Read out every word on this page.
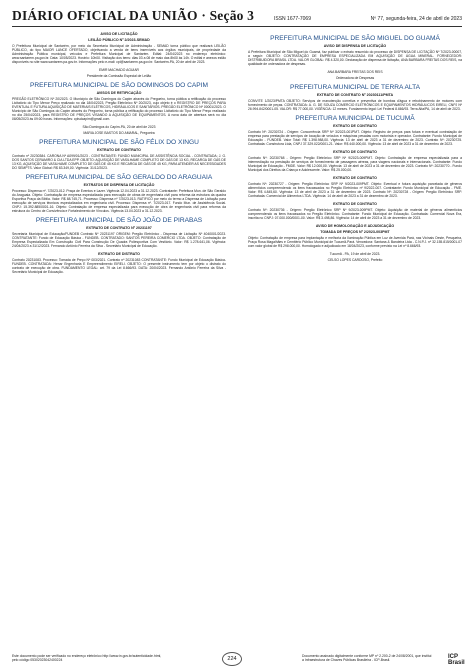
DIÁRIO OFICIAL DA UNIÃO · Seção 3	ISSN 1677-7069	Nº 77, segunda-feira, 24 de abril de 2023
AVISO DE LICITAÇÃO
LEILÃO PÚBLICO Nº 2/2023-SEMAD
O Prefeitura Municipal de Santarém, por meio da Secretaria Municipal de Administração - SEMAD torna público que realizará LEILÃO PÚBLICO, do tipo MAIOR LANCE OFERTADO, objetivando a venda de bens inservíveis aos órgãos municipais, de propriedade da Administração Pública municipal, veículos e Prefeitura Municipal de Santarém. Edital: 24/04/2023 no endereço eletrônico: www.santarem.pa.gov.br. Data: 10/05/2023. Horário: 10h00. Visitação dos bens: dias 03 a 08 de maio das 8h00 às 14h. O edital e anexos estão disponíveis no site www.santarem.pa.gov.br. Informações pelo e-mail: cpl@santarem.pa.gov.br. Santarém-PA, 20 de abril de 2023.
EMIR MACHADO AGUIAR
Presidente da Comissão Especial de Leilão
PREFEITURA MUNICIPAL DE SÃO DOMINGOS DO CAPIM
AVISOS DE RETIFICAÇÃO
PREGÃO ELETRÔNICO Nº 20/2023. O Município de São Domingos do Capim através do Pregoeiro, torna pública a retificação do processo Licitatório do Tipo Menor Preço realizado no dia 18/04/2023, Pregão Eletrônico Nº 20/2023, cujo objeto é o REGISTRO DE PREÇOS PARA EVENTUAL E FUTURA AQUISIÇÃO DE MATERIAIS ELÉTRICOS, HIDRÁULICOS E SANITÁRIOS. PREGÃO ELETRÔNICO Nº 00001/2023. O Município de São Domingos do Capim através do Pregoeiro, torna pública a retificação do processo Licitatório do Tipo Menor Preço realizado no dia 25/04/2023, para REGISTRO DE PREÇOS VISANDO A AQUISIÇÃO DE EQUIPAMENTOS. A nova data de abertura será no dia 08/05/2023 às 09:00 horas. Informações: cplsdcapim@gmail.com.
São Domingos do Capim-PA, 20 de abril de 2023
MARIA JOSE BASTOS DO AMARAL, Pregoeira
PREFEITURA MUNICIPAL DE SÃO FÉLIX DO XINGU
EXTRATO DE CONTRATO
Contrato nº 20230384. CARONA Nº A099/01/2023 - CONTRATANTE: FUNDO MUNICIPAL DE ASSISTÊNCIA SOCIAL - CONTRATADA: J. G. DOS SANTOS CERAMIRO & CIA LTDA EPP. OBJETO: AQUISIÇÃO DE VASILHAME COMPLETO DE GÁS DE 13 KG, RECARGA DE GÁS DE 13 KG, AQUISIÇÃO DE VASILHAME COMPLETO DE GÁS DE 45 KG E RECARGA DE GÁS DE 45 KG, PARA ATENDER AS NECESSIDADES DO SEMPTS. Valor Global: R$ 83.349,00. Vigência: 31/12/2023.
PREFEITURA MUNICIPAL DE SÃO GERALDO DO ARAGUAIA
EXTRATOS DE DISPENSA DE LICITAÇÃO
Processo: Dispensa nº. 7/2023-012. Praça de Eventos e Lazer. Vigência 12.04.2023 a 31.12.2023. Contratante: Prefeitura Mun. de São Geraldo do Araguaia. Objeto: Contratação de empresa especializada para execução de obras de engenharia civil para reforma da estrutura da quadra Esportiva Praça da Bíblia. Valor: R$ 88.745,71. Processo: Dispensa nº 7/2023-013. RATIFICO por meio do termo a Dispensa de Licitação para execução de serviços técnicos especializados em engenharia civil. Processo: Dispensa nº. 7/2023-017. Fundo Mun. de Assistência Social. CNPJ: 15.392.885/0001-16. Objeto: Contratação de empresa especializada para execução de obra de engenharia civil para reforma da estrutura do Centro de Convivência e Fortalecimento de Vínculos. Vigência 13.04.2023 a 31.12.2023.
PREFEITURA MUNICIPAL DE SÃO JOÃO DE PIRABAS
EXTRATO DE CONTRATO Nº 20231197
Secretaria Municipal de Educação/FUNDEB Contrato Nº 20231197 ORIGEM: Pregão Eletrônico - Dispensa de Licitação Nº 4040001/2023. CONTRATANTE: Fundo de Educação Básica - FUNDEB. CONTRATADO: SANTOS PEREIRA COMERCIO LTDA. OBJETO: Contratação de Empresa Especializada Em Construção Civil Para Construção De Quadra Poliesportiva Com Vestiário. Valor: R$ 1.278.641,06. Vigência: 24/04/2023 a 31/12/2023. Fernando Antônio Ferreira da Silva - Secretário Municipal de Educação.
EXTRATO DE DISTRATO
Contrato 20231083. Processo: Tomada de Preço Nº 003/2021. Contrato nº 20231083 CONTRATANTE: Fundo Municipal de Educação Básica-FUNDEB. CONTRATADA: Henar Engenharia E Empreendimento EIRELI. OBJETO: O presente instrumento tem por objeto o distrato do contrato de execução de obra. FUNDAMENTO LEGAL: art. 79 da Lei 8.666/93. DATA: 20/04/2023. Fernando Antônio Ferreira da Silva - Secretário Municipal de Educação.
PREFEITURA MUNICIPAL DE SÃO MIGUEL DO GUAMÁ
AVISO DE DISPENSA DE LICITAÇÃO
A Prefeitura Municipal de São Miguel do Guamá, faz publicar o extrato resumido do processo de DISPENSA DE LICITAÇÃO Nº 7/2023-00007, a seguir: OBJETO: CONTRATAÇÃO DE EMPRESA ESPECIALIZADA EM AQUISIÇÃO DE ÁGUA MINERAL. FORNECEDOR: DISTRIBUIDORA BRASIL LTDA. VALOR GLOBAL: R$ 4.320,00. Declaração de dispensa de licitação, ANA BARBARA FREITAS DOS REIS, na qualidade de ordenadora de despesas.
ANA BARBARA FREITAS DOS REIS
Ordenadora de Despesas
PREFEITURA MUNICIPAL DE TERRA ALTA
EXTRATO DE CONTRATO Nº 20230111/PMTA
CONVITE 1/2023/PMTA OBJETO: Serviços de manutenção corretiva e preventiva de bombas d'água e rebobinamento de motores com fornecimento de peças. CONTRATADA: A. G. DE SOUZA COMERCIO ELETRÔNICOS E EQUIPAMENTOS HIDRÁULICOS EIRELI, CNPJ Nº 26.994.842/0001-05. VALOR: R$ 77.000,00. VIGÊNCIA: 12 meses. Fundamento legal: Lei Federal 8.666/93. Terra Alta/PA, 14 de abril de 2023.
PREFEITURA MUNICIPAL DE TUCUMÃ
EXTRATO DE CONTRATO
Contrato Nº: 20230724 - Origem: Concorrência SRP Nº 3/2023-001PMT. Objeto: Registro de preços para futura e eventual contratação de empresa para prestação de serviços de locação de veículos e máquinas pesadas com motorista e operador. Contratante: Fundo Municipal de Educação - FUNDEB. Valor Total: R$ 1.398.988,00. Vigência: 13 de abril de 2023 a 31 de dezembro de 2023. Contrato Nº: 20230725. Contratada: Construtora Ltda, CNPJ 37.329.022/0001-21. Valor: R$ 440.000,00. Vigência: 13 de abril de 2023 a 31 de dezembro de 2023.
EXTRATO DE CONTRATO
Contrato Nº: 20230768 - Origem: Pregão Eletrônico SRP Nº 9/2023-009PMT. Objeto: Contratação de empresa especializada para a intermediação na prestação de serviços de fornecimento de passagens aéreas, para viagens nacionais e internacionais. Contratante: Fundo Municipal de Educação - FMDE. Valor: R$ 12.000,00. Vigência: 13 de abril de 2023 a 31 de dezembro de 2023. Contrato Nº: 20230770 - Fundo Municipal dos Direitos da Criança e Adolescente. Valor: R$ 25.000,00.
EXTRATO DE CONTRATO
Contrato Nº: 20230727 - Origem: Pregão Eletrônico SRP Nº 9/2023-009PMT. Objeto: Eventual e futura aquisição parcelada de gêneros alimentícios compreendendo os itens fracassados no Pregão Eletrônico nº 9/2022-007. Contratante: Fundo Municipal de Educação - FME. Valor: R$ 4.845,60. Vigência: 13 de abril de 2023 a 31 de dezembro de 2023. Contrato Nº: 20230728 - Origem: Pregão Eletrônico SRP. Contratada: Comercial de Alimentos LTDA. Vigência: 14 de abril de 2023 a 31 de dezembro de 2023.
EXTRATO DE CONTRATO
Contrato Nº: 20230736 - Origem: Pregão Eletrônico SRP Nº 9/2023-009PMT. Objeto: Aquisição de material de gêneros alimentícios compreendendo os itens fracassados no Pregão Eletrônico. Contratante: Fundo Municipal de Educação. Contratada: Comercial Nova Era, inscrita no CNPJ: 07.000.000/0001-00. Valor: R$ 3.498,86. Vigência: 14 de abril de 2023 a 31 de dezembro de 2023.
AVISO DE HOMOLOGAÇÃO E ADJUDICAÇÃO
TOMADA DE PREÇOS Nº 2/2023-003PMT
Objeto: Contratação de empresa para implantação e melhoria da Iluminação Pública em Luz de Avenida Pará, nas Vicinais Oeste, Pesqueira, Praça Rosa Magalhães e Cemitério Público Municipal de Tucumã-Pará. Vencedora: Santana & Bandeira Ltda - C.N.P.J. nº 32.155.815/0001-07 com valor global de R$ 298.000,00. Homologado e adjudicado em 18/04/2023, conforme previsto na Lei nº 8.666/93.
Tucumã - PA, 19 de abril de 2023.
CELSO LOPES CARDOSO, Prefeito
Este documento pode ser verificado no endereço eletrônico http://www.in.gov.br/autenticidade.html, pelo código 05302023042400224	224	Documento assinado digitalmente conforme MP nº 2.200-2 de 24/08/2001, que institui a Infraestrutura de Chaves Públicas Brasileira - ICP-Brasil.	ICP Brasil
